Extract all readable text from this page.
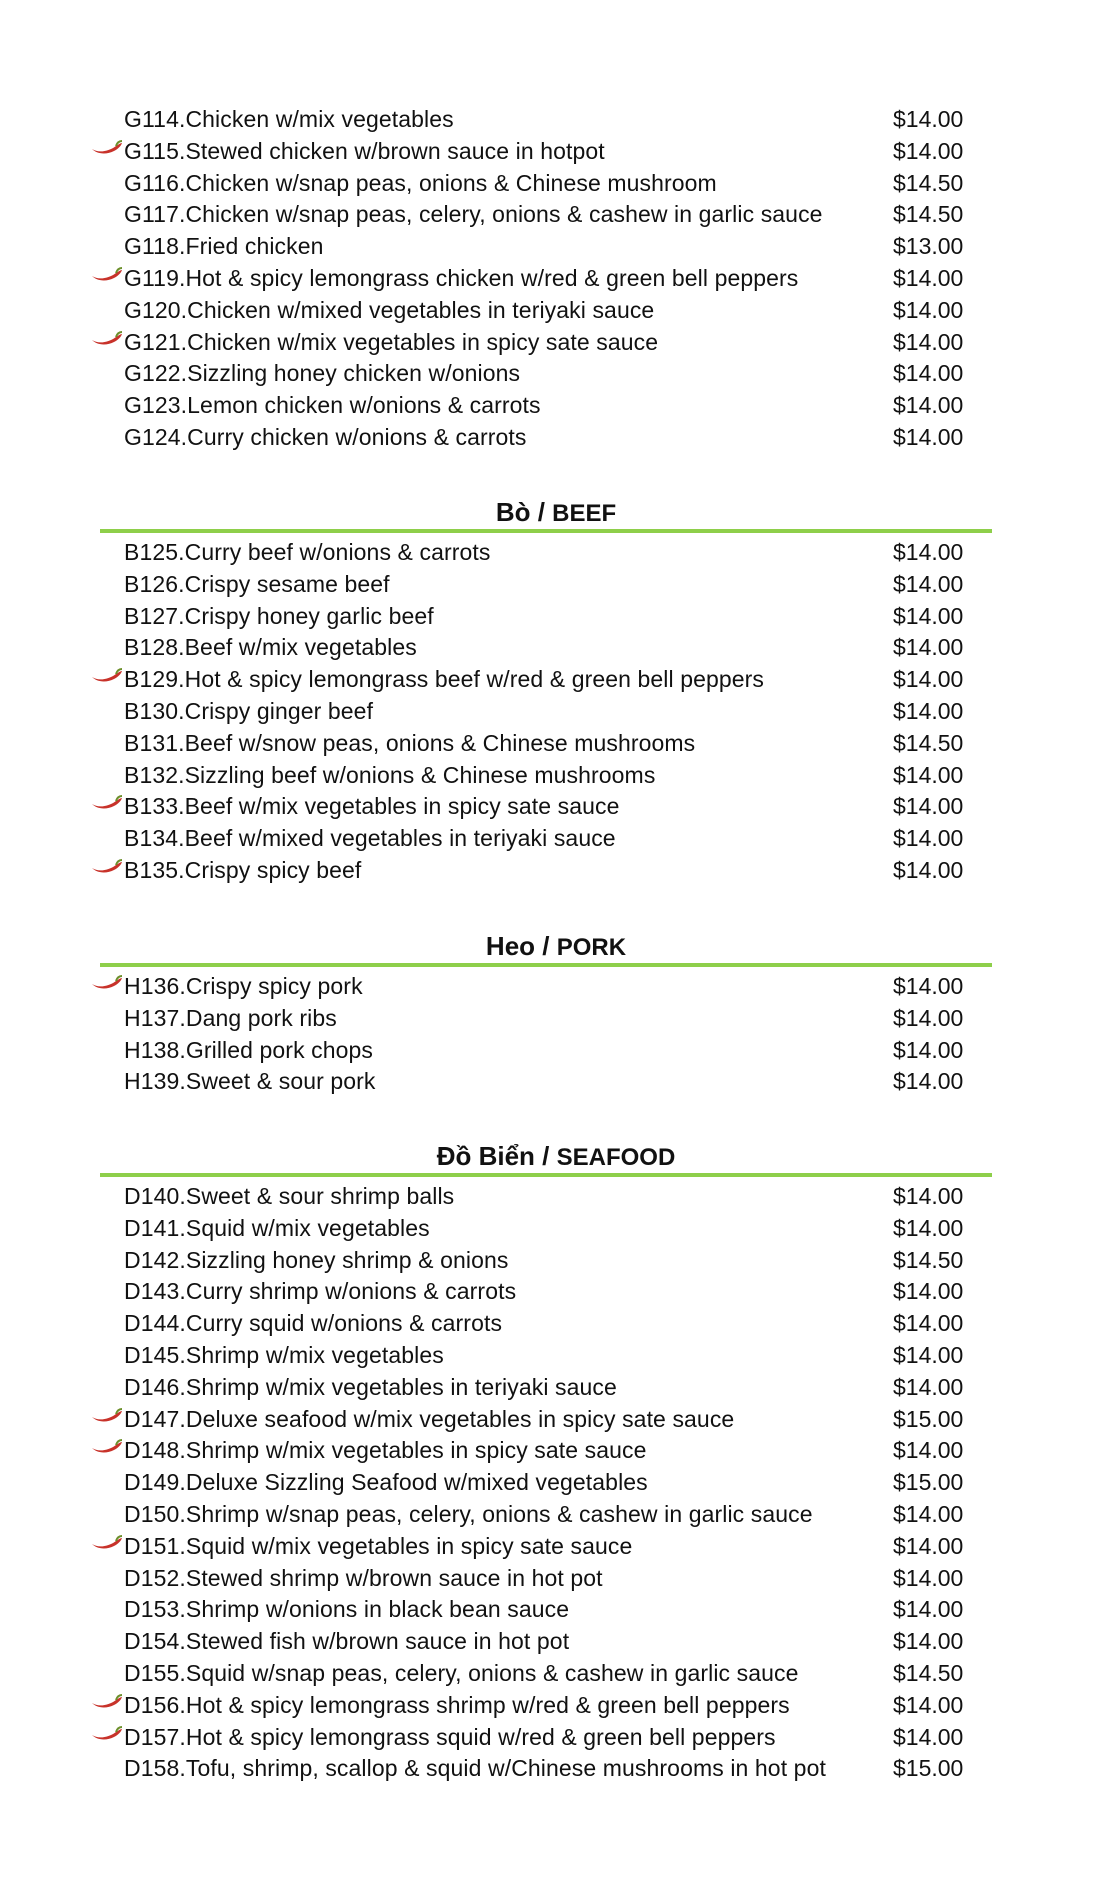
G114.Chicken w/mix vegetables	$14.00
G115.Stewed chicken w/brown sauce in hotpot	$14.00
G116.Chicken w/snap peas, onions & Chinese mushroom	$14.50
G117.Chicken w/snap peas, celery, onions & cashew in garlic sauce	$14.50
G118.Fried chicken	$13.00
G119.Hot & spicy lemongrass chicken w/red & green bell peppers	$14.00
G120.Chicken w/mixed vegetables in teriyaki sauce	$14.00
G121.Chicken w/mix vegetables in spicy sate sauce	$14.00
G122.Sizzling honey chicken w/onions	$14.00
G123.Lemon chicken w/onions & carrots	$14.00
G124.Curry chicken w/onions & carrots	$14.00
Bò / BEEF
B125.Curry beef w/onions & carrots	$14.00
B126.Crispy sesame beef	$14.00
B127.Crispy honey garlic beef	$14.00
B128.Beef w/mix vegetables	$14.00
B129.Hot & spicy lemongrass beef w/red & green bell peppers	$14.00
B130.Crispy ginger beef	$14.00
B131.Beef w/snow peas, onions & Chinese mushrooms	$14.50
B132.Sizzling beef w/onions & Chinese mushrooms	$14.00
B133.Beef w/mix vegetables in spicy sate sauce	$14.00
B134.Beef w/mixed vegetables in teriyaki sauce	$14.00
B135.Crispy spicy beef	$14.00
Heo / PORK
H136.Crispy spicy pork	$14.00
H137.Dang pork ribs	$14.00
H138.Grilled pork chops	$14.00
H139.Sweet & sour pork	$14.00
Đồ Biển / SEAFOOD
D140.Sweet & sour shrimp balls	$14.00
D141.Squid w/mix vegetables	$14.00
D142.Sizzling honey shrimp & onions	$14.50
D143.Curry shrimp w/onions & carrots	$14.00
D144.Curry squid w/onions & carrots	$14.00
D145.Shrimp w/mix vegetables	$14.00
D146.Shrimp w/mix vegetables in teriyaki sauce	$14.00
D147.Deluxe seafood w/mix vegetables in spicy sate sauce	$15.00
D148.Shrimp w/mix vegetables in spicy sate sauce	$14.00
D149.Deluxe Sizzling Seafood w/mixed vegetables	$15.00
D150.Shrimp w/snap peas, celery, onions & cashew in garlic sauce	$14.00
D151.Squid w/mix vegetables in spicy sate sauce	$14.00
D152.Stewed shrimp w/brown sauce in hot pot	$14.00
D153.Shrimp w/onions in black bean sauce	$14.00
D154.Stewed fish w/brown sauce in hot pot	$14.00
D155.Squid w/snap peas, celery, onions & cashew in garlic sauce	$14.50
D156.Hot & spicy lemongrass shrimp w/red & green bell peppers	$14.00
D157.Hot & spicy lemongrass squid w/red & green bell peppers	$14.00
D158.Tofu, shrimp, scallop & squid w/Chinese mushrooms in hot pot	$15.00
